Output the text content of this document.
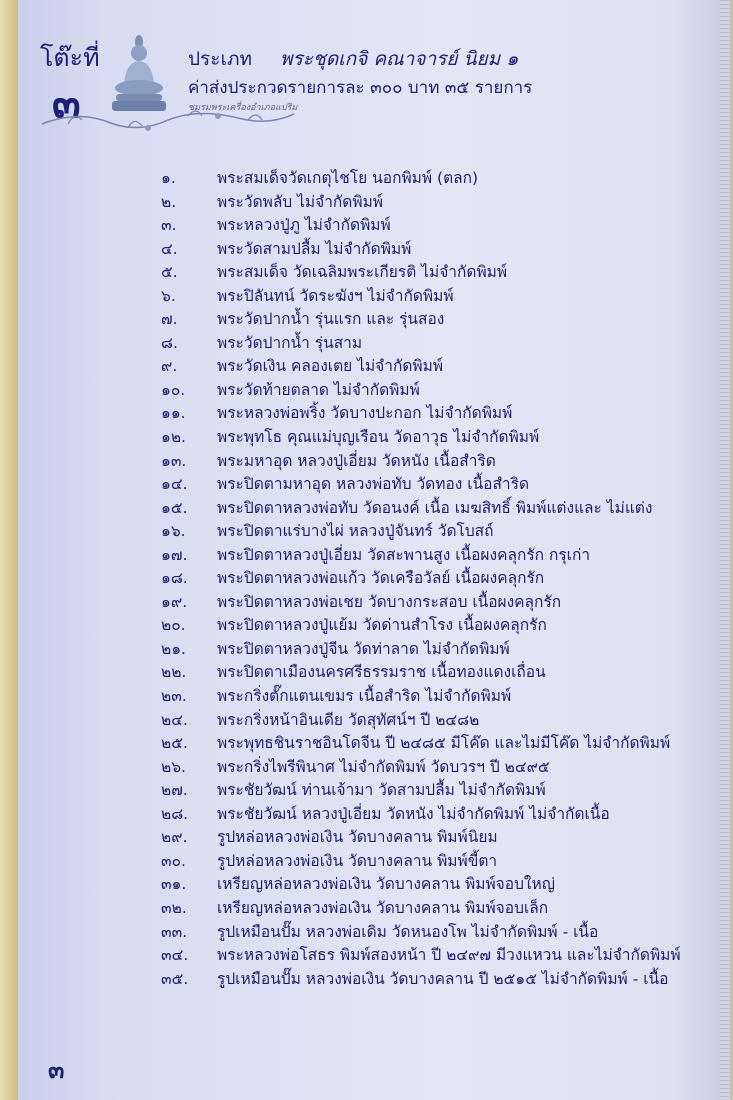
โต๊ะที่
๓
ประเภท พระชุดเกจิ คณาจารย์ นิยม ๑
ค่าส่งประกวดรายการละ ๓๐๐ บาท ๓๕ รายการ
ชมรมพระเครื่องอำเภอแปริม
๑.	พระสมเด็จวัดเกตุไชโย นอกพิมพ์ (ตลก)
๒.	พระวัดพลับ ไม่จำกัดพิมพ์
๓.	พระหลวงปู่ภู ไม่จำกัดพิมพ์
๔.	พระวัดสามปลื้ม ไม่จำกัดพิมพ์
๕.	พระสมเด็จ วัดเฉลิมพระเกียรติ ไม่จำกัดพิมพ์
๖.	พระปิลันทน์ วัดระฆังฯ ไม่จำกัดพิมพ์
๗.	พระวัดปากน้ำ รุ่นแรก และ รุ่นสอง
๘.	พระวัดปากน้ำ รุ่นสาม
๙.	พระวัดเงิน คลองเตย ไม่จำกัดพิมพ์
๑๐. พระวัดท้ายตลาด ไม่จำกัดพิมพ์
๑๑. พระหลวงพ่อพริ้ง วัดบางปะกอก ไม่จำกัดพิมพ์
๑๒. พระพุทโธ คุณแม่บุญเรือน วัดอาวุธ ไม่จำกัดพิมพ์
๑๓. พระมหาอุด หลวงปู่เอี่ยม วัดหนัง เนื้อสำริด
๑๔. พระปิดตามหาอุด หลวงพ่อทับ วัดทอง เนื้อสำริด
๑๕. พระปิดตาหลวงพ่อทับ วัดอนงค์ เนื้อ เมฆสิทธิ์ พิมพ์แต่งและ ไม่แต่ง
๑๖. พระปิดตาแร่บางไผ่ หลวงปู่จันทร์ วัดโบสถ์
๑๗. พระปิดตาหลวงปู่เอี่ยม วัดสะพานสูง เนื้อผงคลุกรัก กรุเก่า
๑๘. พระปิดตาหลวงพ่อแก้ว วัดเครือวัลย์ เนื้อผงคลุกรัก
๑๙. พระปิดตาหลวงพ่อเชย วัดบางกระสอบ เนื้อผงคลุกรัก
๒๐. พระปิดตาหลวงปู่แย้ม วัดด่านสำโรง เนื้อผงคลุกรัก
๒๑. พระปิดตาหลวงปู่จีน วัดท่าลาด ไม่จำกัดพิมพ์
๒๒. พระปิดตาเมืองนครศรีธรรมราช เนื้อทองแดงเถื่อน
๒๓. พระกริ่งตั๊กแตนเขมร เนื้อสำริด ไม่จำกัดพิมพ์
๒๔. พระกริ่งหน้าอินเดีย วัดสุทัศน์ฯ ปี ๒๔๘๒
๒๕. พระพุทธชินราชอินโดจีน ปี ๒๔๘๕ มีโค๊ด และไม่มีโค๊ด ไม่จำกัดพิมพ์
๒๖. พระกริ่งไพรีพินาศ ไม่จำกัดพิมพ์ วัดบวรฯ ปี ๒๔๙๕
๒๗. พระชัยวัฒน์ ท่านเจ้ามา วัดสามปลื้ม ไม่จำกัดพิมพ์
๒๘. พระชัยวัฒน์ หลวงปู่เอี่ยม วัดหนัง ไม่จำกัดพิมพ์ ไม่จำกัดเนื้อ
๒๙. รูปหล่อหลวงพ่อเงิน วัดบางคลาน พิมพ์นิยม
๓๐. รูปหล่อหลวงพ่อเงิน วัดบางคลาน พิมพ์ขี้ตา
๓๑. เหรียญหล่อหลวงพ่อเงิน วัดบางคลาน พิมพ์จอบใหญ่
๓๒. เหรียญหล่อหลวงพ่อเงิน วัดบางคลาน พิมพ์จอบเล็ก
๓๓. รูปเหมือนปั๊ม หลวงพ่อเดิม วัดหนองโพ ไม่จำกัดพิมพ์ - เนื้อ
๓๔. พระหลวงพ่อโสธร พิมพ์สองหน้า ปี ๒๔๙๗ มีวงแหวน และไม่จำกัดพิมพ์
๓๕. รูปเหมือนปั๊ม หลวงพ่อเงิน วัดบางคลาน ปี ๒๕๑๕ ไม่จำกัดพิมพ์ - เนื้อ
๓
